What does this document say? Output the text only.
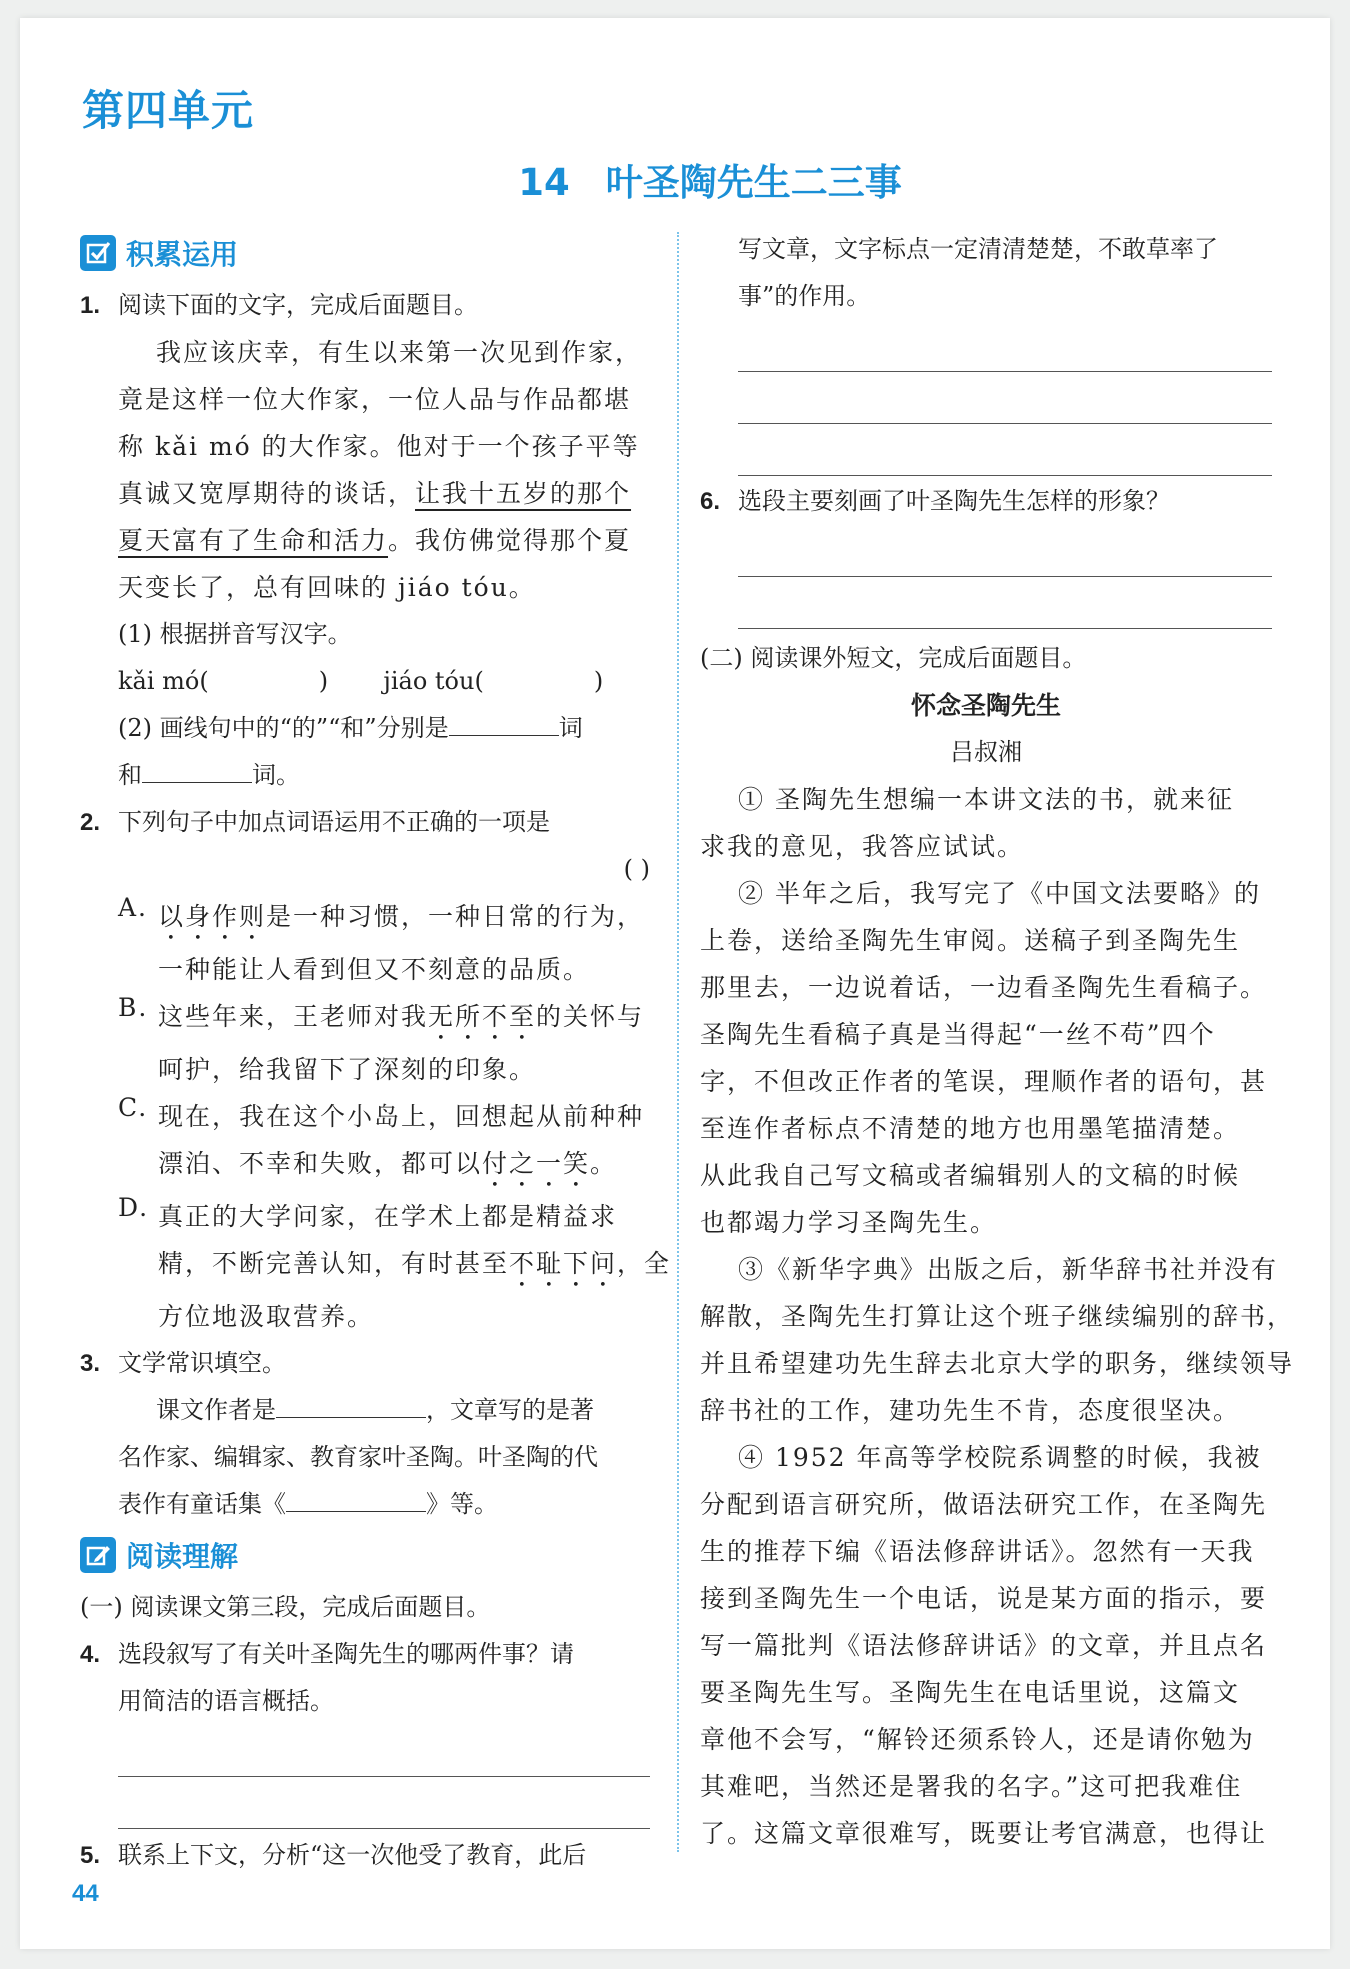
第四单元
14 叶圣陶先生二三事
积累运用
1. 阅读下面的文字，完成后面题目。
我应该庆幸，有生以来第一次见到作家，
竟是这样一位大作家，一位人品与作品都堪
称 kǎi mó 的大作家。他对于一个孩子平等
真诚又宽厚期待的谈话，让我十五岁的那个
夏天富有了生命和活力。我仿佛觉得那个夏
天变长了，总有回味的 jiáo tóu。
(1) 根据拼音写汉字。
kǎi mó(	) jiáo tóu(	)
(2) 画线句中的“的”“和”分别是	词
和	词。
2. 下列句子中加点词语运用不正确的一项是
( )
A. 以身作则是一种习惯，一种日常的行为，
一种能让人看到但又不刻意的品质。
B. 这些年来，王老师对我无所不至的关怀与
呵护，给我留下了深刻的印象。
C. 现在，我在这个小岛上，回想起从前种种
漂泊、不幸和失败，都可以付之一笑。
D. 真正的大学问家，在学术上都是精益求
精，不断完善认知，有时甚至不耻下问，全
方位地汲取营养。
3. 文学常识填空。
课文作者是	，文章写的是著
名作家、编辑家、教育家叶圣陶。叶圣陶的代
表作有童话集《	》等。
阅读理解
(一) 阅读课文第三段，完成后面题目。
4. 选段叙写了有关叶圣陶先生的哪两件事？请
用简洁的语言概括。
5. 联系上下文，分析“这一次他受了教育，此后
写文章，文字标点一定清清楚楚，不敢草率了
事”的作用。
6. 选段主要刻画了叶圣陶先生怎样的形象？
(二) 阅读课外短文，完成后面题目。
怀念圣陶先生
吕叔湘
① 圣陶先生想编一本讲文法的书，就来征
求我的意见，我答应试试。
② 半年之后，我写完了《中国文法要略》的
上卷，送给圣陶先生审阅。送稿子到圣陶先生
那里去，一边说着话，一边看圣陶先生看稿子。
圣陶先生看稿子真是当得起“一丝不苟”四个
字，不但改正作者的笔误，理顺作者的语句，甚
至连作者标点不清楚的地方也用墨笔描清楚。
从此我自己写文稿或者编辑别人的文稿的时候
也都竭力学习圣陶先生。
③《新华字典》出版之后，新华辞书社并没有
解散，圣陶先生打算让这个班子继续编别的辞书，
并且希望建功先生辞去北京大学的职务，继续领导
辞书社的工作，建功先生不肯，态度很坚决。
④ 1952 年高等学校院系调整的时候，我被
分配到语言研究所，做语法研究工作，在圣陶先
生的推荐下编《语法修辞讲话》。忽然有一天我
接到圣陶先生一个电话，说是某方面的指示，要
写一篇批判《语法修辞讲话》的文章，并且点名
要圣陶先生写。圣陶先生在电话里说，这篇文
章他不会写，“解铃还须系铃人，还是请你勉为
其难吧，当然还是署我的名字。”这可把我难住
了。这篇文章很难写，既要让考官满意，也得让
44
